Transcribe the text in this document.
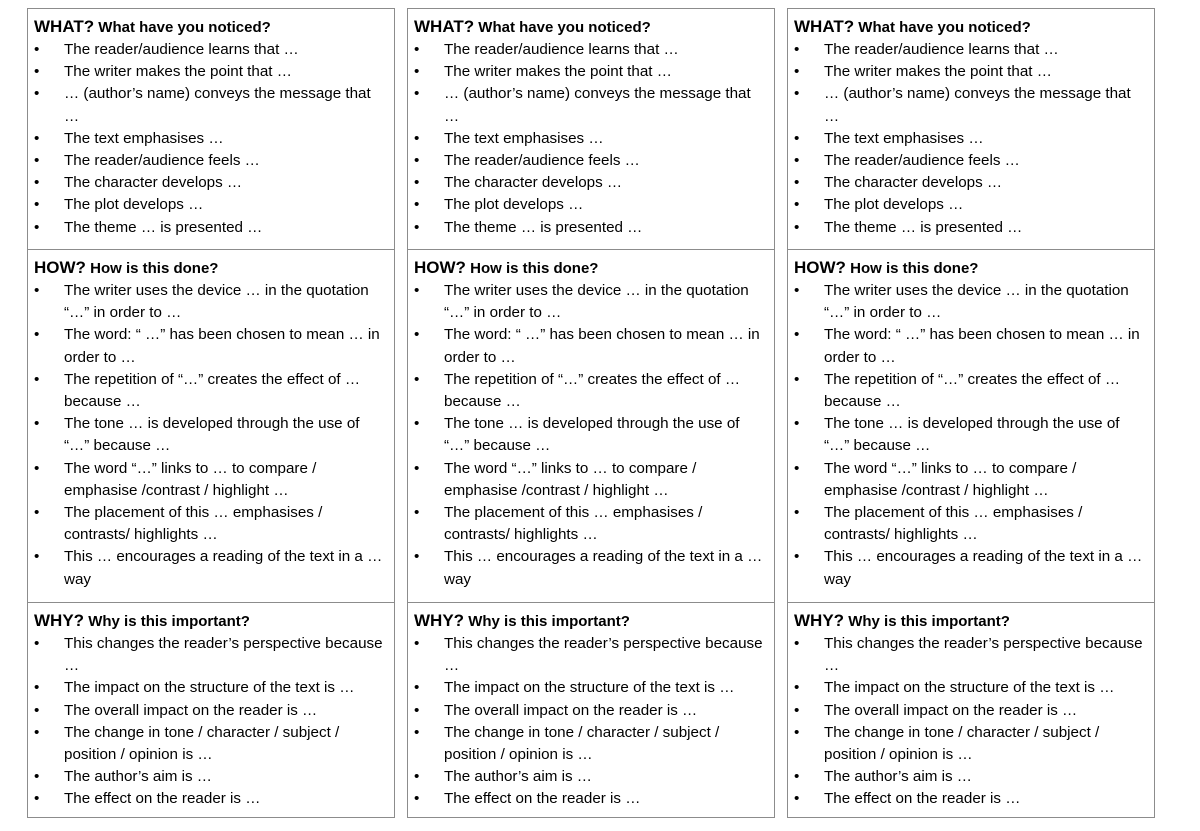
WHAT? What have you noticed?
•	The reader/audience learns that …
•	The writer makes the point that …
•	… (author’s name) conveys the message that …
•	The text emphasises …
•	The reader/audience feels …
•	The character develops …
•	The plot develops …
•	The theme … is presented …
HOW? How is this done?
•	The writer uses the device … in the quotation “…” in order to …
•	The word: “ …” has been chosen to mean … in order to …
•	The repetition of “…” creates the effect of … because …
•	The tone … is developed through the use of “…” because …
•	The word “…” links to … to compare / emphasise /contrast / highlight …
•	The placement of this … emphasises / contrasts/ highlights …
•	This … encourages a reading of the text in a … way
WHY? Why is this important?
•	This changes the reader’s perspective because …
•	The impact on the structure of the text is …
•	The overall impact on the reader is …
•	The change in tone / character / subject / position / opinion is …
•	The author’s aim is …
•	The effect on the reader is …
WHAT? What have you noticed?
•	The reader/audience learns that …
•	The writer makes the point that …
•	… (author’s name) conveys the message that …
•	The text emphasises …
•	The reader/audience feels …
•	The character develops …
•	The plot develops …
•	The theme … is presented …
HOW? How is this done?
•	The writer uses the device … in the quotation “…” in order to …
•	The word: “ …” has been chosen to mean … in order to …
•	The repetition of “…” creates the effect of … because …
•	The tone … is developed through the use of “…” because …
•	The word “…” links to … to compare / emphasise /contrast / highlight …
•	The placement of this … emphasises / contrasts/ highlights …
•	This … encourages a reading of the text in a … way
WHY? Why is this important?
•	This changes the reader’s perspective because …
•	The impact on the structure of the text is …
•	The overall impact on the reader is …
•	The change in tone / character / subject / position / opinion is …
•	The author’s aim is …
•	The effect on the reader is …
WHAT? What have you noticed?
•	The reader/audience learns that …
•	The writer makes the point that …
•	… (author’s name) conveys the message that …
•	The text emphasises …
•	The reader/audience feels …
•	The character develops …
•	The plot develops …
•	The theme … is presented …
HOW? How is this done?
•	The writer uses the device … in the quotation “…” in order to …
•	The word: “ …” has been chosen to mean … in order to …
•	The repetition of “…” creates the effect of … because …
•	The tone … is developed through the use of “…” because …
•	The word “…” links to … to compare / emphasise /contrast / highlight …
•	The placement of this … emphasises / contrasts/ highlights …
•	This … encourages a reading of the text in a … way
WHY? Why is this important?
•	This changes the reader’s perspective because …
•	The impact on the structure of the text is …
•	The overall impact on the reader is …
•	The change in tone / character / subject / position / opinion is …
•	The author’s aim is …
•	The effect on the reader is …
